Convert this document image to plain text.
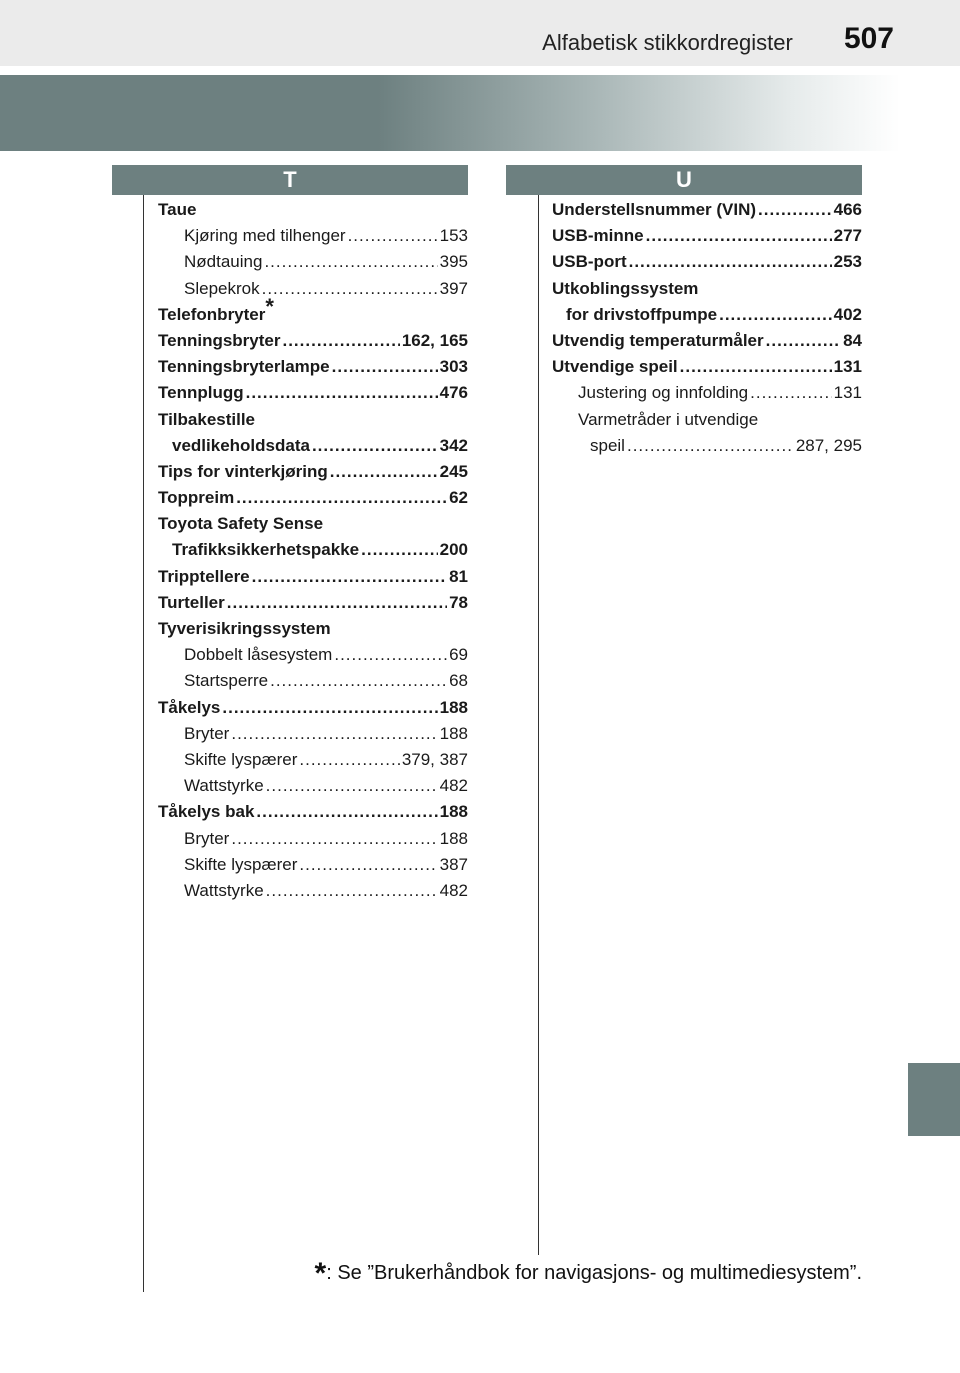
Alfabetisk stikkordregister	507
T	U
Taue
Kjøring med tilhenger .....	153
Nødtauing .....	395
Slepekrok .....	397
Telefonbryter*
Tenningsbryter .....	162, 165
Tenningsbryterlampe .....	303
Tennplugg .....	476
Tilbakestille
vedlikeholdsdata .....	342
Tips for vinterkjøring .....	245
Toppreim .....	62
Toyota Safety Sense
Trafikksikkerhetspakke .....	200
Tripptellere .....	81
Turteller .....	78
Tyverisikringssystem
Dobbelt låsesystem .....	69
Startsperre .....	68
Tåkelys .....	188
Bryter .....	188
Skifte lyspærer .....	379, 387
Wattstyrke .....	482
Tåkelys bak .....	188
Bryter .....	188
Skifte lyspærer .....	387
Wattstyrke .....	482
Understellsnummer (VIN) .....	466
USB-minne .....	277
USB-port .....	253
Utkoblingssystem
for drivstoffpumpe .....	402
Utvendig temperaturmåler .....	84
Utvendige speil .....	131
Justering og innfolding .....	131
Varmetråder i utvendige
speil .....	287, 295
*: Se ”Brukerhåndbok for navigasjons- og multimediesystem”.
